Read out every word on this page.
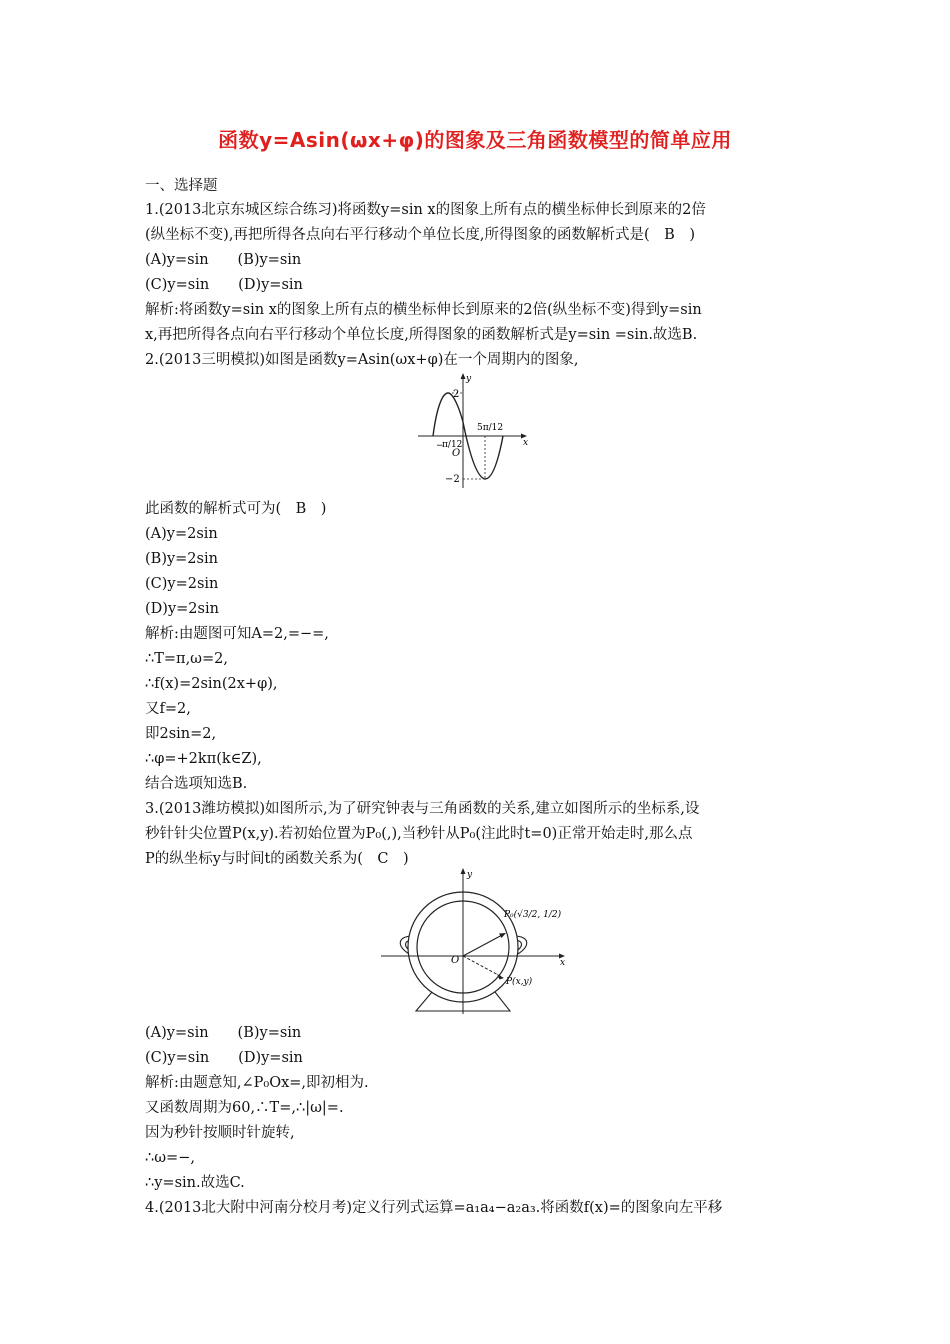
函数y=Asin(ωx+φ)的图象及三角函数模型的简单应用
一、选择题
1.(2013北京东城区综合练习)将函数y=sin x的图象上所有点的横坐标伸长到原来的2倍
(纵坐标不变),再把所得各点向右平行移动个单位长度,所得图象的函数解析式是(　B　)
(A)y=sin　　(B)y=sin
(C)y=sin　　(D)y=sin
解析:将函数y=sin x的图象上所有点的横坐标伸长到原来的2倍(纵坐标不变)得到y=sin
x,再把所得各点向右平行移动个单位长度,所得图象的函数解析式是y=sin =sin.故选B.
2.(2013三明模拟)如图是函数y=Asin(ωx+φ)在一个周期内的图象,
y
x
O
2
−2
−
π/12
5π/12
此函数的解析式可为(　B　)
(A)y=2sin
(B)y=2sin
(C)y=2sin
(D)y=2sin
解析:由题图可知A=2,=−=,
∴T=π,ω=2,
∴f(x)=2sin(2x+φ),
又f=2,
即2sin=2,
∴φ=+2kπ(k∈Z),
结合选项知选B.
3.(2013潍坊模拟)如图所示,为了研究钟表与三角函数的关系,建立如图所示的坐标系,设
秒针针尖位置P(x,y).若初始位置为P₀(,),当秒针从P₀(注此时t=0)正常开始走时,那么点
P的纵坐标y与时间t的函数关系为(　C　)
y
x
O
P₀(√3/2, 1/2)
P(x,y)
(A)y=sin　　(B)y=sin
(C)y=sin　　(D)y=sin
解析:由题意知,∠P₀Ox=,即初相为.
又函数周期为60,∴T=,∴|ω|=.
因为秒针按顺时针旋转,
∴ω=−,
∴y=sin.故选C.
4.(2013北大附中河南分校月考)定义行列式运算=a₁a₄−a₂a₃.将函数f(x)=的图象向左平移
